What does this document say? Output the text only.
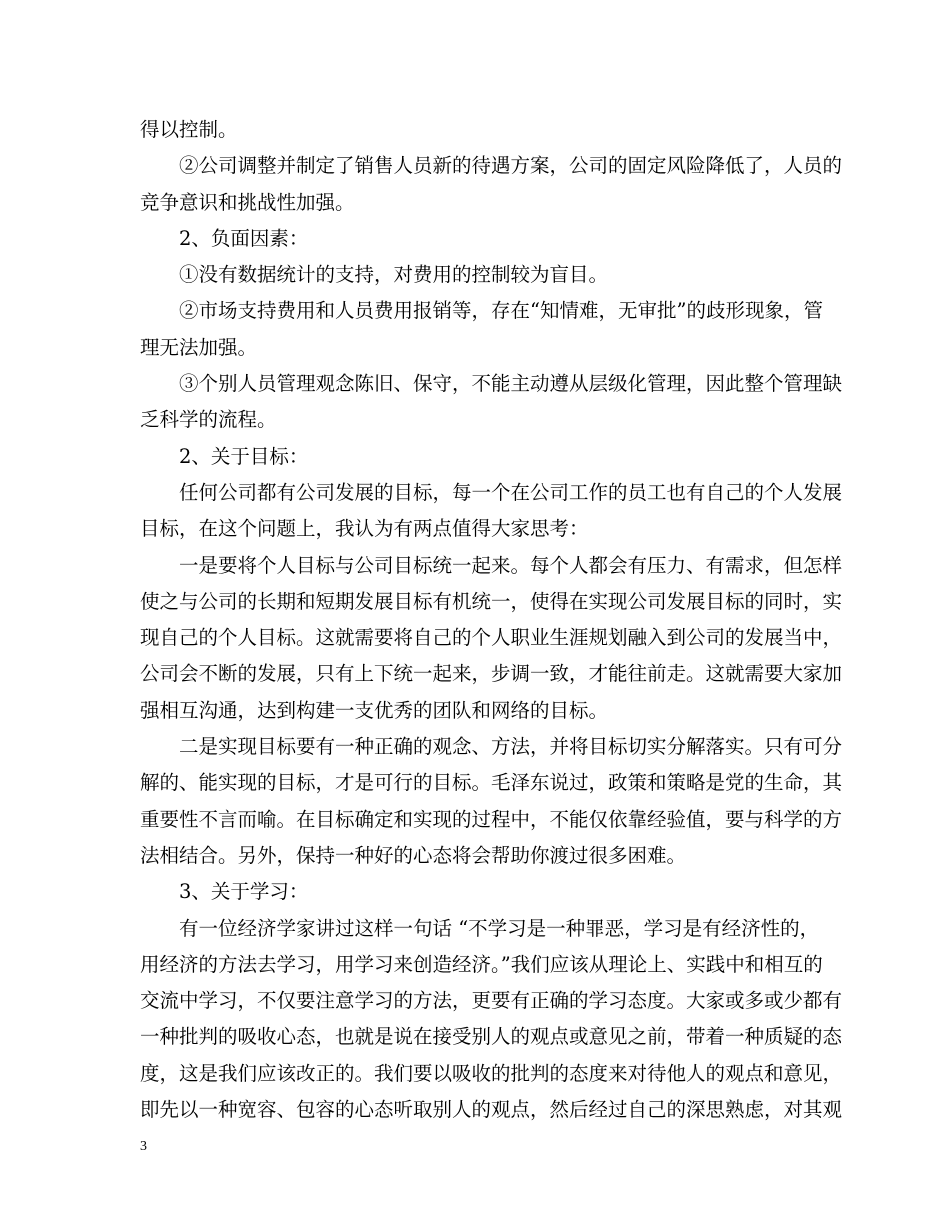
得以控制。
②公司调整并制定了销售人员新的待遇方案，公司的固定风险降低了，人员的
竞争意识和挑战性加强。
2、负面因素：
①没有数据统计的支持，对费用的控制较为盲目。
②市场支持费用和人员费用报销等，存在“知情难，无审批”的歧形现象，管
理无法加强。
③个别人员管理观念陈旧、保守，不能主动遵从层级化管理，因此整个管理缺
乏科学的流程。
2、关于目标：
任何公司都有公司发展的目标，每一个在公司工作的员工也有自己的个人发展
目标，在这个问题上，我认为有两点值得大家思考：
一是要将个人目标与公司目标统一起来。每个人都会有压力、有需求，但怎样
使之与公司的长期和短期发展目标有机统一，使得在实现公司发展目标的同时，实
现自己的个人目标。这就需要将自己的个人职业生涯规划融入到公司的发展当中，
公司会不断的发展，只有上下统一起来，步调一致，才能往前走。这就需要大家加
强相互沟通，达到构建一支优秀的团队和网络的目标。
二是实现目标要有一种正确的观念、方法，并将目标切实分解落实。只有可分
解的、能实现的目标，才是可行的目标。毛泽东说过，政策和策略是党的生命，其
重要性不言而喻。在目标确定和实现的过程中，不能仅依靠经验值，要与科学的方
法相结合。另外，保持一种好的心态将会帮助你渡过很多困难。
3、关于学习：
有一位经济学家讲过这样一句话 “不学习是一种罪恶，学习是有经济性的，
用经济的方法去学习，用学习来创造经济。”我们应该从理论上、实践中和相互的
交流中学习，不仅要注意学习的方法，更要有正确的学习态度。大家或多或少都有
一种批判的吸收心态，也就是说在接受别人的观点或意见之前，带着一种质疑的态
度，这是我们应该改正的。我们要以吸收的批判的态度来对待他人的观点和意见，
即先以一种宽容、包容的心态听取别人的观点，然后经过自己的深思熟虑，对其观
3
